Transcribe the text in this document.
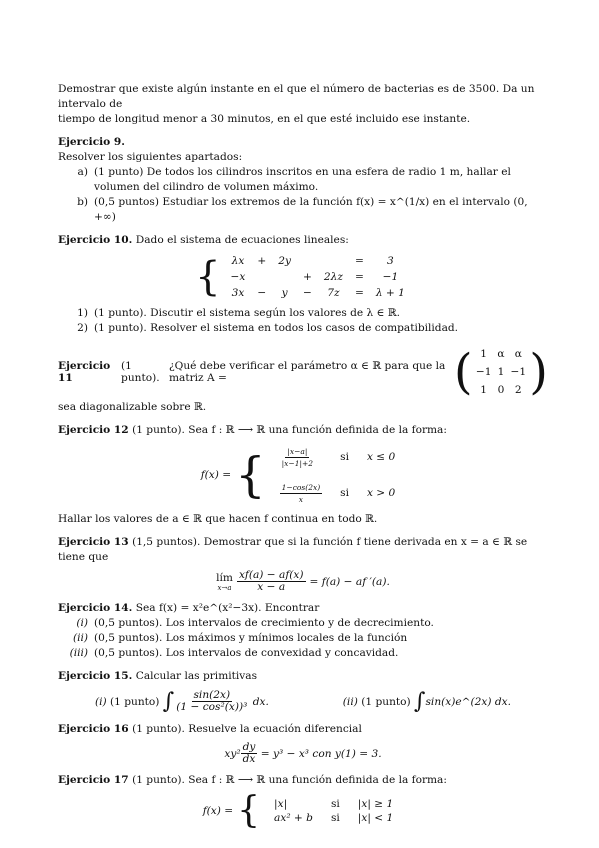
Demostrar que existe algún instante en el que el número de bacterias es de 3500. Da un intervalo de

tiempo de longitud menor a 30 minutos, en el que esté incluido ese instante.

Ejercicio 9.

Resolver los siguientes apartados:

a) (1 punto) De todos los cilindros inscritos en una esfera de radio 1 m, hallar el volumen del cilindro de volumen máximo.
b) (0,5 puntos) Estudiar los extremos de la función f(x) = x^(1/x) en el intervalo (0, +∞)

Ejercicio 10. Dado el sistema de ecuaciones lineales:

{ λx	+	2y			=	3
−x			+	2λz	=	−1
3x	−	y	−	7z	=	λ + 1
1) (1 punto). Discutir el sistema según los valores de λ ∈ ℝ.
2) (1 punto). Resolver el sistema en todos los casos de compatibilidad.
Ejercicio 11

(1 punto).

¿Qué debe verificar el parámetro α ∈ ℝ para que la matriz A =	( 1	α	α
−1	1	−1
1	0	2 )

sea diagonalizable sobre ℝ.

Ejercicio 12 (1 punto). Sea f : ℝ ⟶ ℝ una función definida de la forma:

f(x) = { $\frac{|x-a|}{|x-1|+2}$	si	x ≤ 0

$\frac{1-\cos(2x)}{x}$	si	x > 0

Hallar los valores de a ∈ ℝ que hacen f continua en todo ℝ.

Ejercicio 13 (1,5 puntos). Demostrar que si la función f tiene derivada en x = a ∈ ℝ se tiene que

lím
$x\to a \frac{xf(a) - af(x)}{x - a} = f(a)$ − af ′(a).

Ejercicio 14. Sea f(x) = x²e^(x²−3x). Encontrar

(i) (0,5 puntos). Los intervalos de crecimiento y de decrecimiento.
(ii) (0,5 puntos). Los máximos y mínimos locales de la función
(iii) (0,5 puntos). Los intervalos de convexidad y concavidad.

Ejercicio 15. Calcular las primitivas

(i)
(1 punto)
∫ $\frac{\sin(2x)}{\text{(1 − cos²(x))³}}$
dx.	(ii)
(1 punto)
∫ sin(x)e^(2x) dx.

Ejercicio 16 (1 punto). Resuelve la ecuación diferencial

$xy^2 \frac{dy}{dx}$
= y³ − x³ con y(1) = 3.

Ejercicio 17 (1 punto). Sea f : ℝ ⟶ ℝ una función definida de la forma:

f(x) = { |x|	si	|x| ≥ 1
ax² + b	si	|x| < 1
